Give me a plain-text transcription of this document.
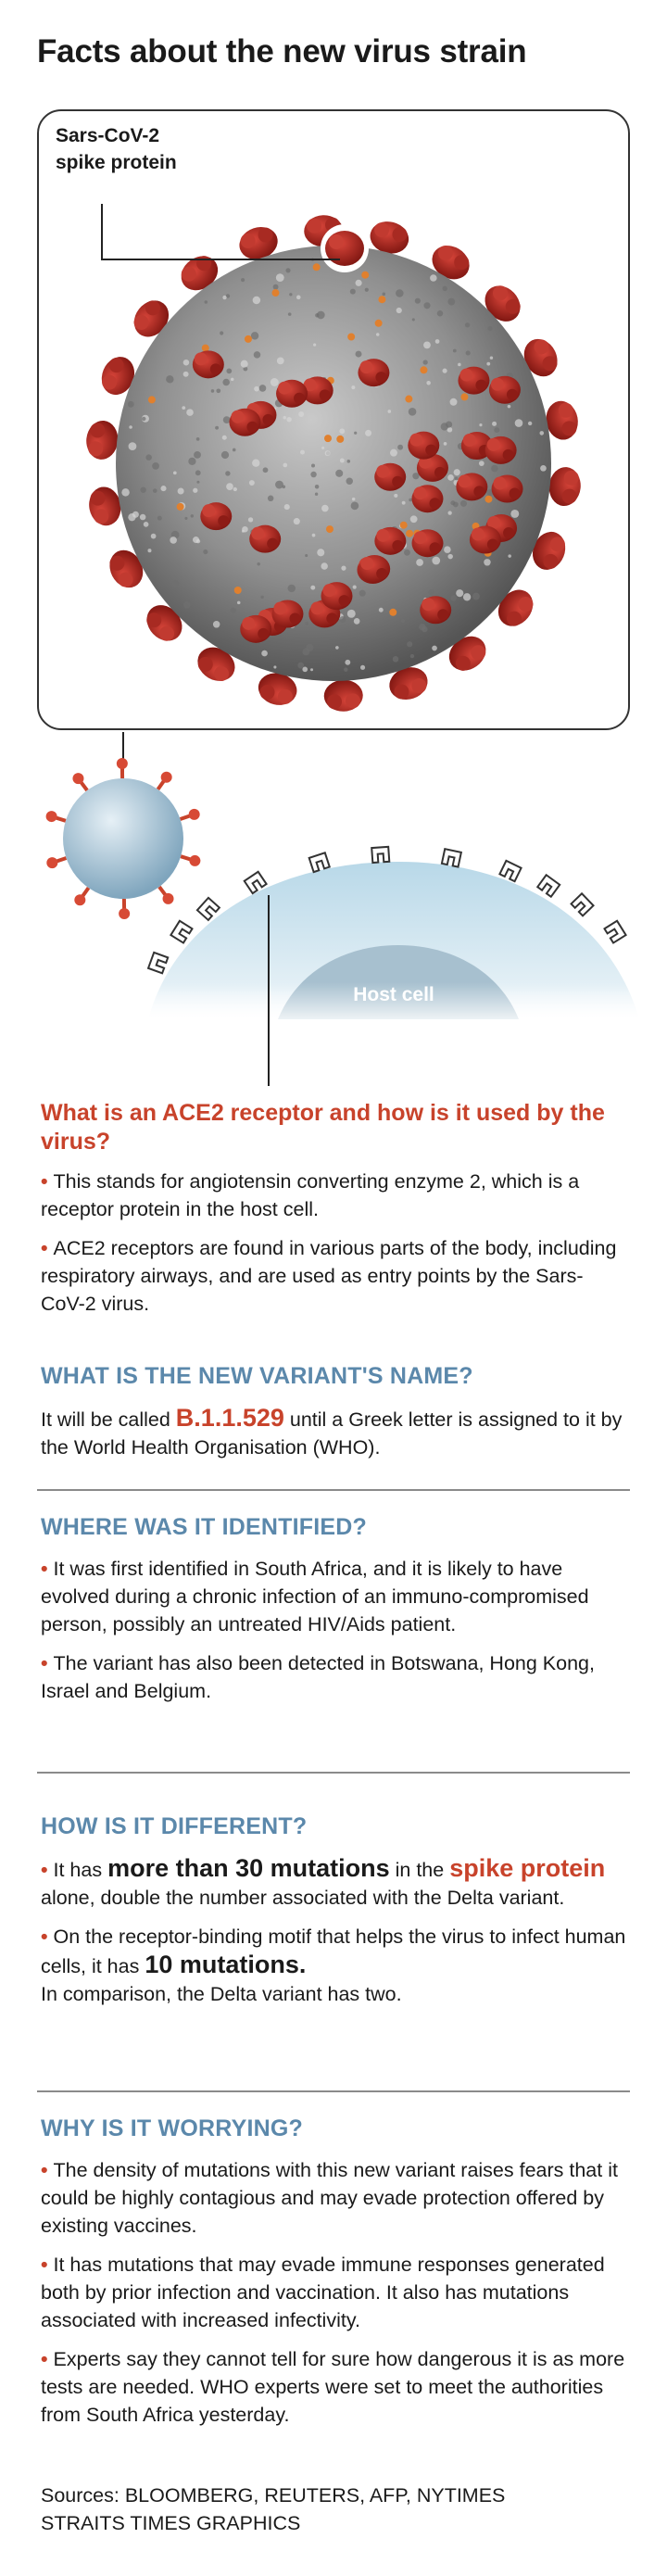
Facts about the new virus strain
Sars-CoV-2
spike protein
Host cell
What is an ACE2 receptor and how is it used by the virus?

• This stands for angiotensin converting enzyme 2, which is a receptor protein in the host cell.

• ACE2 receptors are found in various parts of the body, including respiratory airways, and are used as entry points by the Sars-CoV-2 virus.

WHAT IS THE NEW VARIANT'S NAME?

It will be called B.1.1.529 until a Greek letter is assigned to it by the World Health Organisation (WHO).

WHERE WAS IT IDENTIFIED?

• It was first identified in South Africa, and it is likely to have evolved during a chronic infection of an immuno-compromised person, possibly an untreated HIV/Aids patient.

• The variant has also been detected in Botswana, Hong Kong, Israel and Belgium.

HOW IS IT DIFFERENT?

• It has more than 30 mutations in the spike protein alone, double the number associated with the Delta variant.

• On the receptor-binding motif that helps the virus to infect human cells, it has 10 mutations.
In comparison, the Delta variant has two.

WHY IS IT WORRYING?

• The density of mutations with this new variant raises fears that it could be highly contagious and may evade protection offered by existing vaccines.

• It has mutations that may evade immune responses generated both by prior infection and vaccination. It also has mutations associated with increased infectivity.

• Experts say they cannot tell for sure how dangerous it is as more tests are needed. WHO experts were set to meet the authorities from South Africa yesterday.

Sources: BLOOMBERG, REUTERS, AFP, NYTIMES
STRAITS TIMES GRAPHICS
